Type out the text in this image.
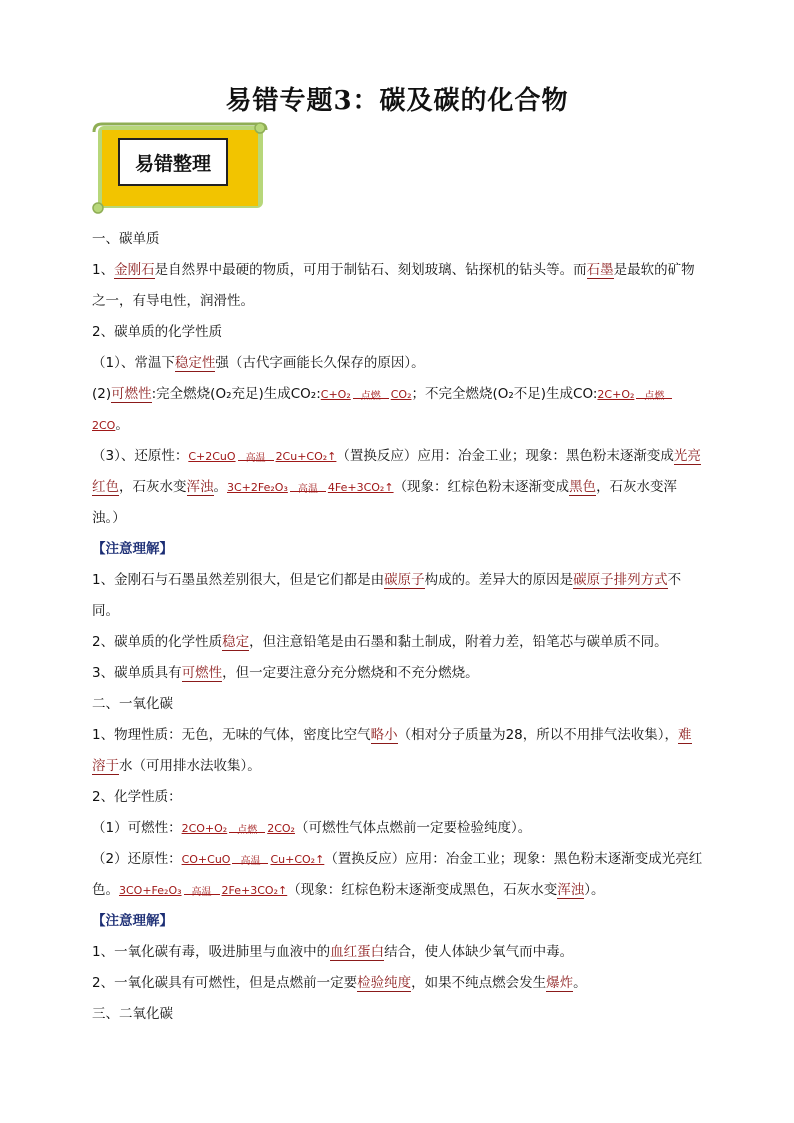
易错专题3：碳及碳的化合物
易错整理
一、碳单质
1、金刚石是自然界中最硬的物质，可用于制钻石、刻划玻璃、钻探机的钻头等。而石墨是最软的矿物之一，有导电性，润滑性。
2、碳单质的化学性质
（1）、常温下稳定性强（古代字画能长久保存的原因）。
(2)可燃性:完全燃烧(O₂充足)生成CO₂:C+O₂	点燃 CO₂；不完全燃烧(O₂不足)生成CO:2C+O₂	点燃
2CO。
（3）、还原性：C+2CuO	高温 2Cu+CO₂↑（置换反应）应用：冶金工业；现象：黑色粉末逐渐变成光亮红色，石灰水变浑浊。3C+2Fe₂O₃	高温 4Fe+3CO₂↑（现象：红棕色粉末逐渐变成黑色，石灰水变浑浊。）
【注意理解】
1、金刚石与石墨虽然差别很大，但是它们都是由碳原子构成的。差异大的原因是碳原子排列方式不同。
2、碳单质的化学性质稳定，但注意铅笔是由石墨和黏土制成，附着力差，铅笔芯与碳单质不同。
3、碳单质具有可燃性，但一定要注意分充分燃烧和不充分燃烧。
二、一氧化碳
1、物理性质：无色，无味的气体，密度比空气略小（相对分子质量为28，所以不用排气法收集），难溶于水（可用排水法收集）。
2、化学性质：
（1）可燃性：2CO+O₂	点燃 2CO₂（可燃性气体点燃前一定要检验纯度）。
（2）还原性：CO+CuO	高温 Cu+CO₂↑（置换反应）应用：冶金工业；现象：黑色粉末逐渐变成光亮红色。3CO+Fe₂O₃	高温 2Fe+3CO₂↑（现象：红棕色粉末逐渐变成黑色，石灰水变浑浊）。
【注意理解】
1、一氧化碳有毒，吸进肺里与血液中的血红蛋白结合，使人体缺少氧气而中毒。
2、一氧化碳具有可燃性，但是点燃前一定要检验纯度，如果不纯点燃会发生爆炸。
三、二氧化碳
